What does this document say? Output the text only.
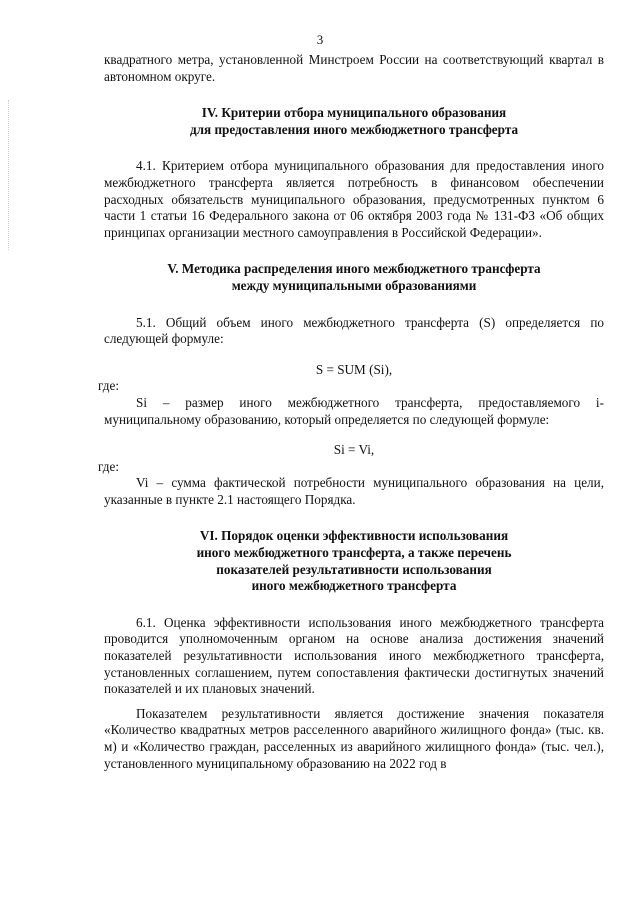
3

квадратного метра, установленной Минстроем России на соответствующий квартал в автономном округе.

IV. Критерии отбора муниципального образования

для предоставления иного межбюджетного трансферта

4.1. Критерием отбора муниципального образования для предоставления иного межбюджетного трансферта является потребность в финансовом обеспечении расходных обязательств муниципального образования, предусмотренных пунктом 6 части 1 статьи 16 Федерального закона от 06 октября 2003 года № 131-ФЗ «Об общих принципах организации местного самоуправления в Российской Федерации».

V. Методика распределения иного межбюджетного трансферта

между муниципальными образованиями

5.1. Общий объем иного межбюджетного трансферта (S) определяется по следующей формуле:

S = SUM (Si),

где:

Si – размер иного межбюджетного трансферта, предоставляемого i-муниципальному образованию, который определяется по следующей формуле:

Si = Vi,

где:

Vi – сумма фактической потребности муниципального образования на цели, указанные в пункте 2.1 настоящего Порядка.

VI. Порядок оценки эффективности использования

иного межбюджетного трансферта, а также перечень

показателей результативности использования

иного межбюджетного трансферта

6.1. Оценка эффективности использования иного межбюджетного трансферта проводится уполномоченным органом на основе анализа достижения значений показателей результативности использования иного межбюджетного трансферта, установленных соглашением, путем сопоставления фактически достигнутых значений показателей и их плановых значений.

Показателем результативности является достижение значения показателя «Количество квадратных метров расселенного аварийного жилищного фонда» (тыс. кв. м) и «Количество граждан, расселенных из аварийного жилищного фонда» (тыс. чел.), установленного муниципальному образованию на 2022 год в
